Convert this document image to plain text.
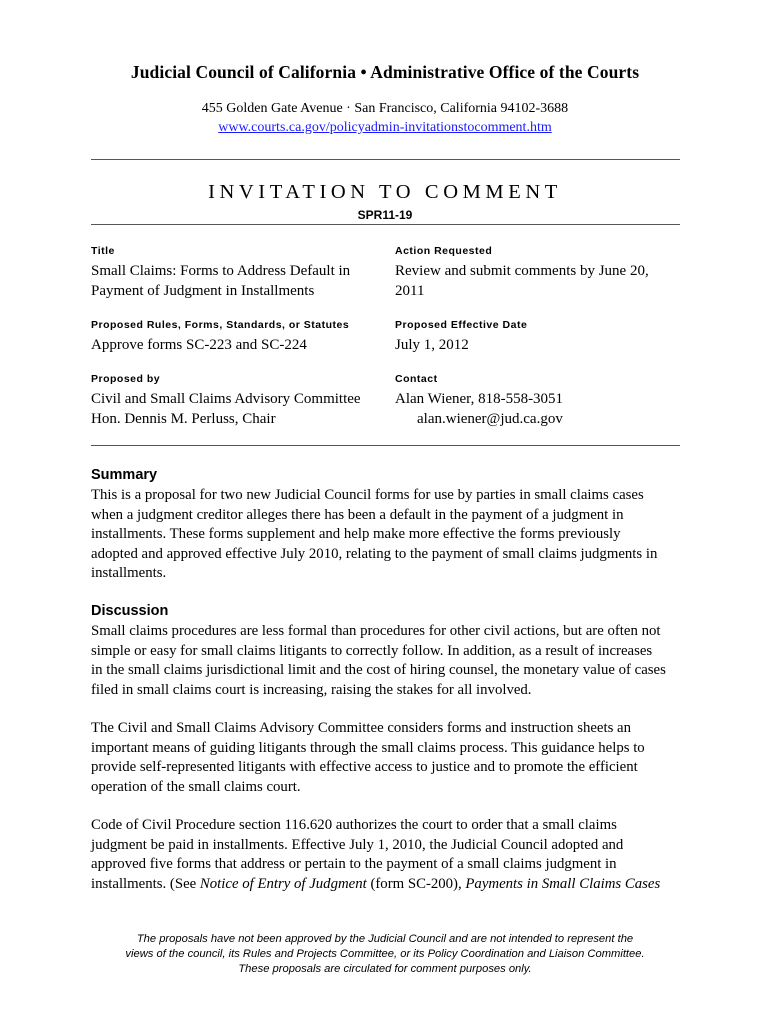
Judicial Council of California • Administrative Office of the Courts
455 Golden Gate Avenue · San Francisco, California 94102-3688
www.courts.ca.gov/policyadmin-invitationstocomment.htm
INVITATION TO COMMENT
SPR11-19
Title
Small Claims: Forms to Address Default in
Payment of Judgment in Installments
Action Requested
Review and submit comments by June 20,
2011
Proposed Rules, Forms, Standards, or Statutes
Approve forms SC-223 and SC-224
Proposed Effective Date
July 1, 2012
Proposed by
Civil and Small Claims Advisory Committee
Hon. Dennis M. Perluss, Chair
Contact
Alan Wiener, 818-558-3051
alan.wiener@jud.ca.gov
Summary
This is a proposal for two new Judicial Council forms for use by parties in small claims cases
when a judgment creditor alleges there has been a default in the payment of a judgment in
installments. These forms supplement and help make more effective the forms previously
adopted and approved effective July 2010, relating to the payment of small claims judgments in
installments.
Discussion
Small claims procedures are less formal than procedures for other civil actions, but are often not
simple or easy for small claims litigants to correctly follow. In addition, as a result of increases
in the small claims jurisdictional limit and the cost of hiring counsel, the monetary value of cases
filed in small claims court is increasing, raising the stakes for all involved.
The Civil and Small Claims Advisory Committee considers forms and instruction sheets an
important means of guiding litigants through the small claims process. This guidance helps to
provide self-represented litigants with effective access to justice and to promote the efficient
operation of the small claims court.
Code of Civil Procedure section 116.620 authorizes the court to order that a small claims
judgment be paid in installments. Effective July 1, 2010, the Judicial Council adopted and
approved five forms that address or pertain to the payment of a small claims judgment in
installments. (See Notice of Entry of Judgment (form SC-200), Payments in Small Claims Cases
The proposals have not been approved by the Judicial Council and are not intended to represent the
views of the council, its Rules and Projects Committee, or its Policy Coordination and Liaison Committee.
These proposals are circulated for comment purposes only.
